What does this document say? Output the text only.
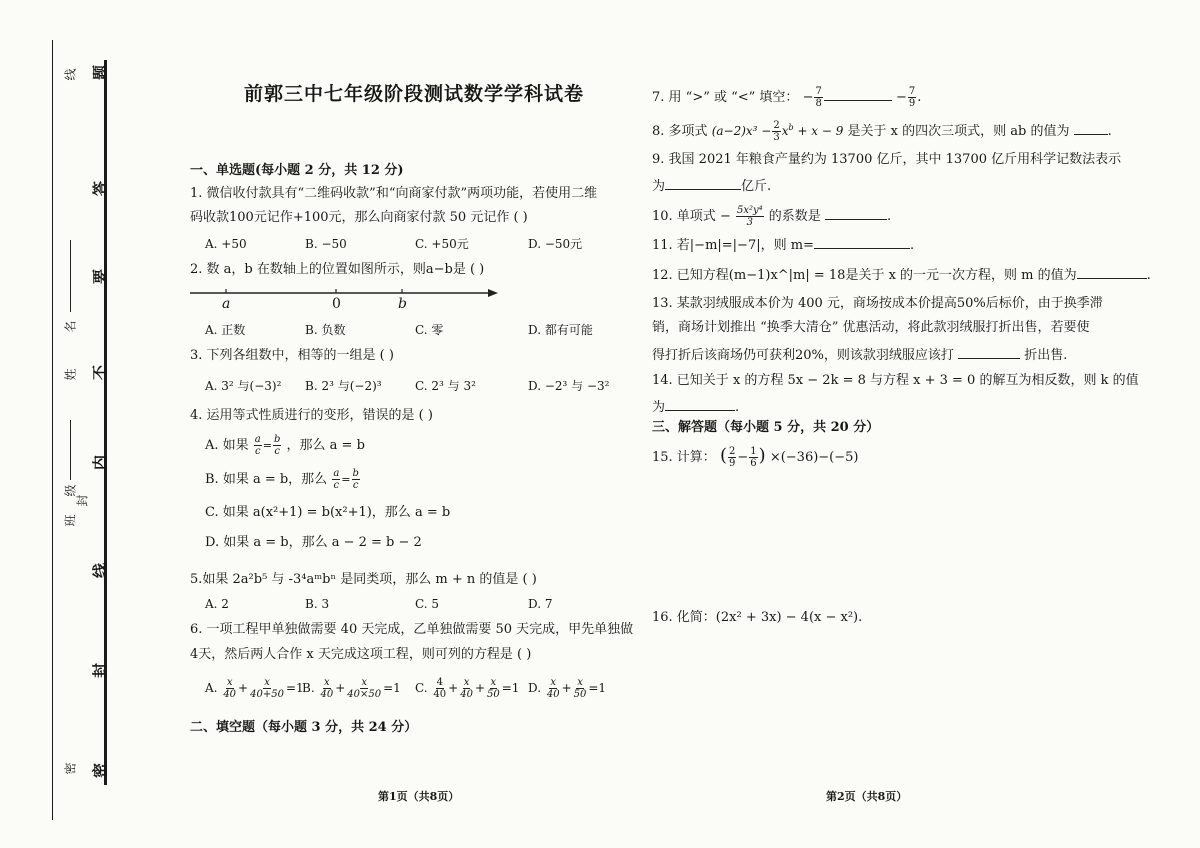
题
答
要
不
内
线
封
密
班
级
姓
名
线
封
密
前郭三中七年级阶段测试数学学科试卷
一、单选题(每小题 2 分，共 12 分)
1. 微信收付款具有“二维码收款”和“向商家付款”两项功能，若使用二维
码收款100元记作+100元，那么向商家付款 50 元记作 ( )
A. +50	B. −50	C. +50元	D. −50元
2. 数 a，b 在数轴上的位置如图所示，则a−b是 ( )
a	0	b
A. 正数	B. 负数	C. 零	D. 都有可能
3. 下列各组数中，相等的一组是 ( )
A. 3² 与(−3)² B. 2³ 与(−2)³	C. 2³ 与 3²	D. −2³ 与 −3²
4. 运用等式性质进行的变形，错误的是 ( )
A. 如果 $\frac{a}{c} = \frac{b}{c}$ ，那么 a = b
B. 如果 a = b，那么 $\frac{a}{c} = \frac{b}{c}$
C. 如果 a(x²+1) = b(x²+1)，那么 a = b
D. 如果 a = b，那么 a − 2 = b − 2
5.如果 2a²b⁵ 与 -3⁴aᵐbⁿ 是同类项，那么 m + n 的值是 ( )
A. 2	B. 3	C. 5	D. 7
6. 一项工程甲单独做需要 40 天完成，乙单独做需要 50 天完成，甲先单独做
4天，然后两人合作 x 天完成这项工程，则可列的方程是 ( )
A. $\frac{x}{40} + \frac{x}{40+50} =1$
B. $\frac{x}{40} + \frac{x}{40\times 50} =1$ C. $\frac{4}{40} + \frac{x}{40} + \frac{x}{50} =1$ D. $\frac{x}{40} + \frac{x}{50} =1$
二、填空题（每小题 3 分，共 24 分）
第1页（共8页）
7. 用 “>” 或 “<” 填空： − $\frac{7}{8}$	− $\frac{7}{9}$ .
8. 多项式 $(a-2)x^3 - \frac{2}{3} x^b + x - 9$ 是关于 x 的四次三项式，则 ab 的值为	.
9. 我国 2021 年粮食产量约为 13700 亿斤，其中 13700 亿斤用科学记数法表示
为	亿斤.
10. 单项式 − $\frac{\text{5x²y⁴}}{3}$ 的系数是	.
11. 若|−m|=|−7|，则 m=	.
12. 已知方程(m−1)x^|m| = 18是关于 x 的一元一次方程，则 m 的值为	.
13. 某款羽绒服成本价为 400 元，商场按成本价提高50%后标价，由于换季滞
销，商场计划推出 “换季大清仓” 优惠活动，将此款羽绒服打折出售，若要使
得打折后该商场仍可获利20%，则该款羽绒服应该打	折出售.
14. 已知关于 x 的方程 5x − 2k = 8 与方程 x + 3 = 0 的解互为相反数，则 k 的值
为	.
三、解答题（每小题 5 分，共 20 分）
15. 计算： ( $\frac{2}{9} - \frac{1}{6}$ ) ×(−36)−(−5)
16. 化简：(2x² + 3x) − 4(x − x²).
第2页（共8页）
